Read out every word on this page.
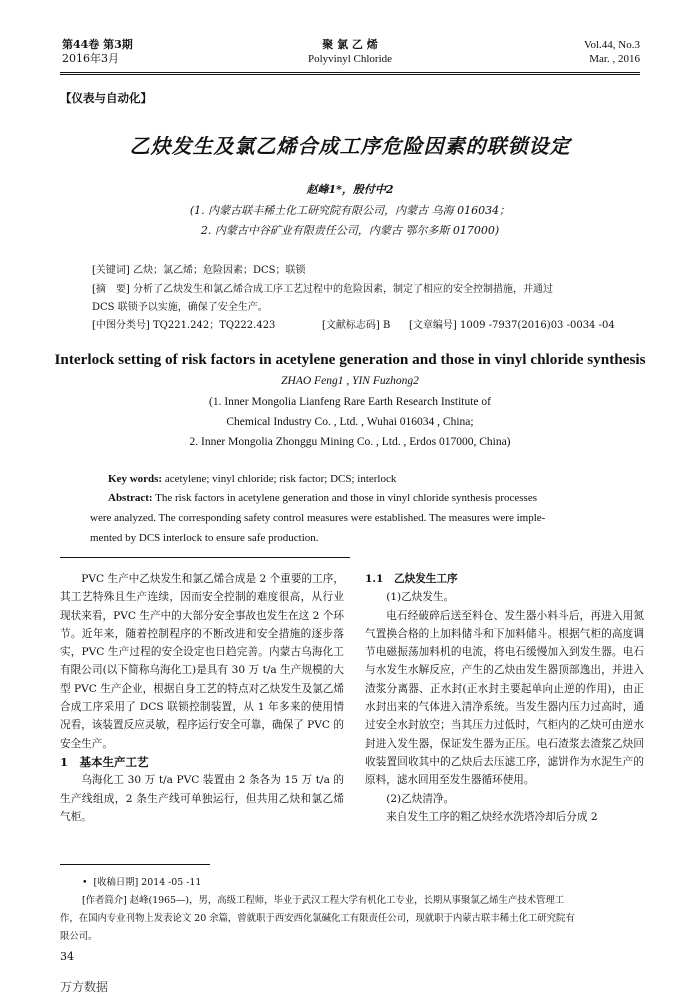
第44卷 第3期
2016年3月
聚 氯 乙 烯
Polyvinyl Chloride
Vol.44, No.3
Mar. , 2016
【仪表与自动化】
乙炔发生及氯乙烯合成工序危险因素的联锁设定
赵峰1*，殷付中2
(1. 内蒙古联丰稀土化工研究院有限公司，内蒙古 乌海 016034；
2. 内蒙古中谷矿业有限责任公司，内蒙古 鄂尔多斯 017000)
[关键词] 乙炔；氯乙烯；危险因素；DCS；联锁
[摘　要] 分析了乙炔发生和氯乙烯合成工序工艺过程中的危险因素，制定了相应的安全控制措施，并通过
DCS 联锁予以实施，确保了安全生产。
[中图分类号] TQ221.242；TQ222.423	[文献标志码] B [文章编号] 1009 -7937(2016)03 -0034 -04
Interlock setting of risk factors in acetylene generation and those in vinyl chloride synthesis
ZHAO Feng1 , YIN Fuzhong2
(1. Inner Mongolia Lianfeng Rare Earth Research Institute of
Chemical Industry Co. , Ltd. , Wuhai 016034 , China;
2. Inner Mongolia Zhonggu Mining Co. , Ltd. , Erdos 017000, China)
Key words: acetylene; vinyl chloride; risk factor; DCS; interlock
Abstract: The risk factors in acetylene generation and those in vinyl chloride synthesis processes
were analyzed. The corresponding safety control measures were established. The measures were imple-
mented by DCS interlock to ensure safe production.

PVC 生产中乙炔发生和氯乙烯合成是 2 个重要的工序，其工艺特殊且生产连续，因而安全控制的难度很高，从行业现状来看，PVC 生产中的大部分安全事故也发生在这 2 个环节。近年来，随着控制程序的不断改进和安全措施的逐步落实，PVC 生产过程的安全设定也日趋完善。内蒙古乌海化工有限公司(以下简称乌海化工)是具有 30 万 t/a 生产规模的大型 PVC 生产企业，根据自身工艺的特点对乙炔发生及氯乙烯合成工序采用了 DCS 联锁控制装置，从 1 年多来的使用情况看，该装置反应灵敏，程序运行安全可靠，确保了 PVC 的安全生产。

1　基本生产工艺

乌海化工 30 万 t/a PVC 装置由 2 条各为 15 万 t/a 的生产线组成，2 条生产线可单独运行，但共用乙炔和氯乙烯气柜。

1.1　乙炔发生工序

(1)乙炔发生。

电石经破碎后送至料仓、发生器小料斗后，再进入用氮气置换合格的上加料储斗和下加料储斗。根据气柜的高度调节电磁振荡加料机的电流，将电石缓慢加入到发生器。电石与水发生水解反应，产生的乙炔由发生器顶部逸出，并进入渣浆分离器、正水封(正水封主要起单向止逆的作用)，由正水封出来的气体进入清净系统。当发生器内压力过高时，通过安全水封放空；当其压力过低时，气柜内的乙炔可由逆水封进入发生器，保证发生器为正压。电石渣浆去渣浆乙炔回收装置回收其中的乙炔后去压滤工序，滤饼作为水泥生产的原料，滤水回用至发生器循环使用。

(2)乙炔清净。

来自发生工序的粗乙炔经水洗塔冷却后分成 2

• [收稿日期] 2014 -05 -11
[作者简介] 赵峰(1965—)，男，高级工程师，毕业于武汉工程大学有机化工专业，长期从事聚氯乙烯生产技术管理工
作，在国内专业刊物上发表论文 20 余篇，曾就职于西安西化氯碱化工有限责任公司，现就职于内蒙古联丰稀土化工研究院有
限公司。
34
万方数据
